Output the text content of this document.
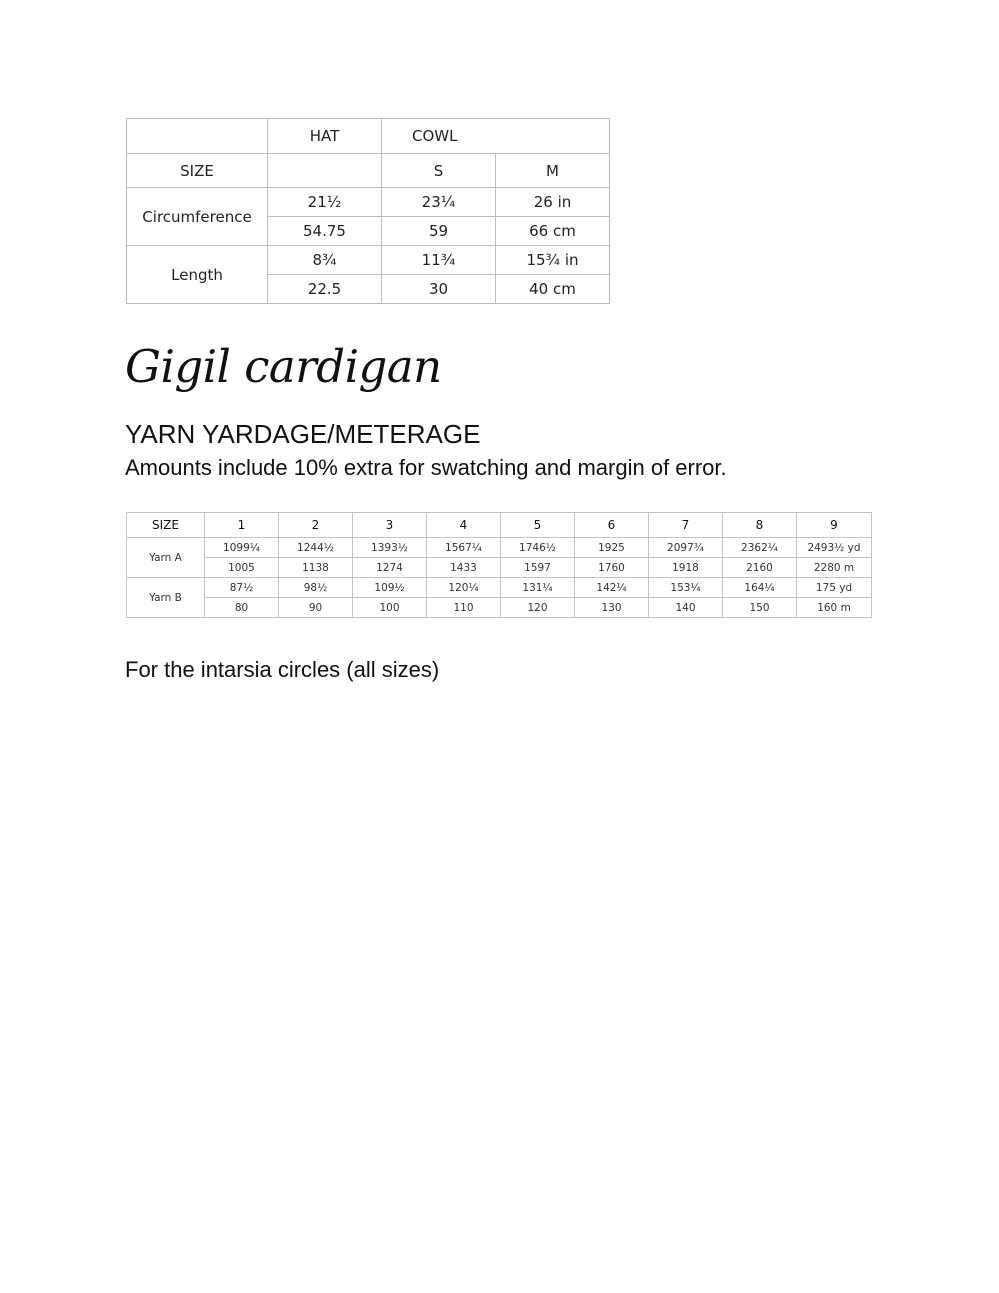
	HAT	COWL	
SIZE		S	M
Circumference	21½	23¼	26 in
	54.75	59	66 cm
Length	8¾	11¾	15¾ in
	22.5	30	40 cm
Gigil cardigan
YARN YARDAGE/METERAGE

Amounts include 10% extra for swatching and margin of error.

SIZE	1	2	3	4	5	6	7	8	9
Yarn A	1099¼	1244½	1393½	1567¼	1746½	1925	2097¾	2362¼	2493½ yd
	1005	1138	1274	1433	1597	1760	1918	2160	2280 m
Yarn B	87½	98½	109½	120¼	131¼	142¼	153¼	164¼	175 yd
	80	90	100	110	120	130	140	150	160 m

For the intarsia circles (all sizes)
